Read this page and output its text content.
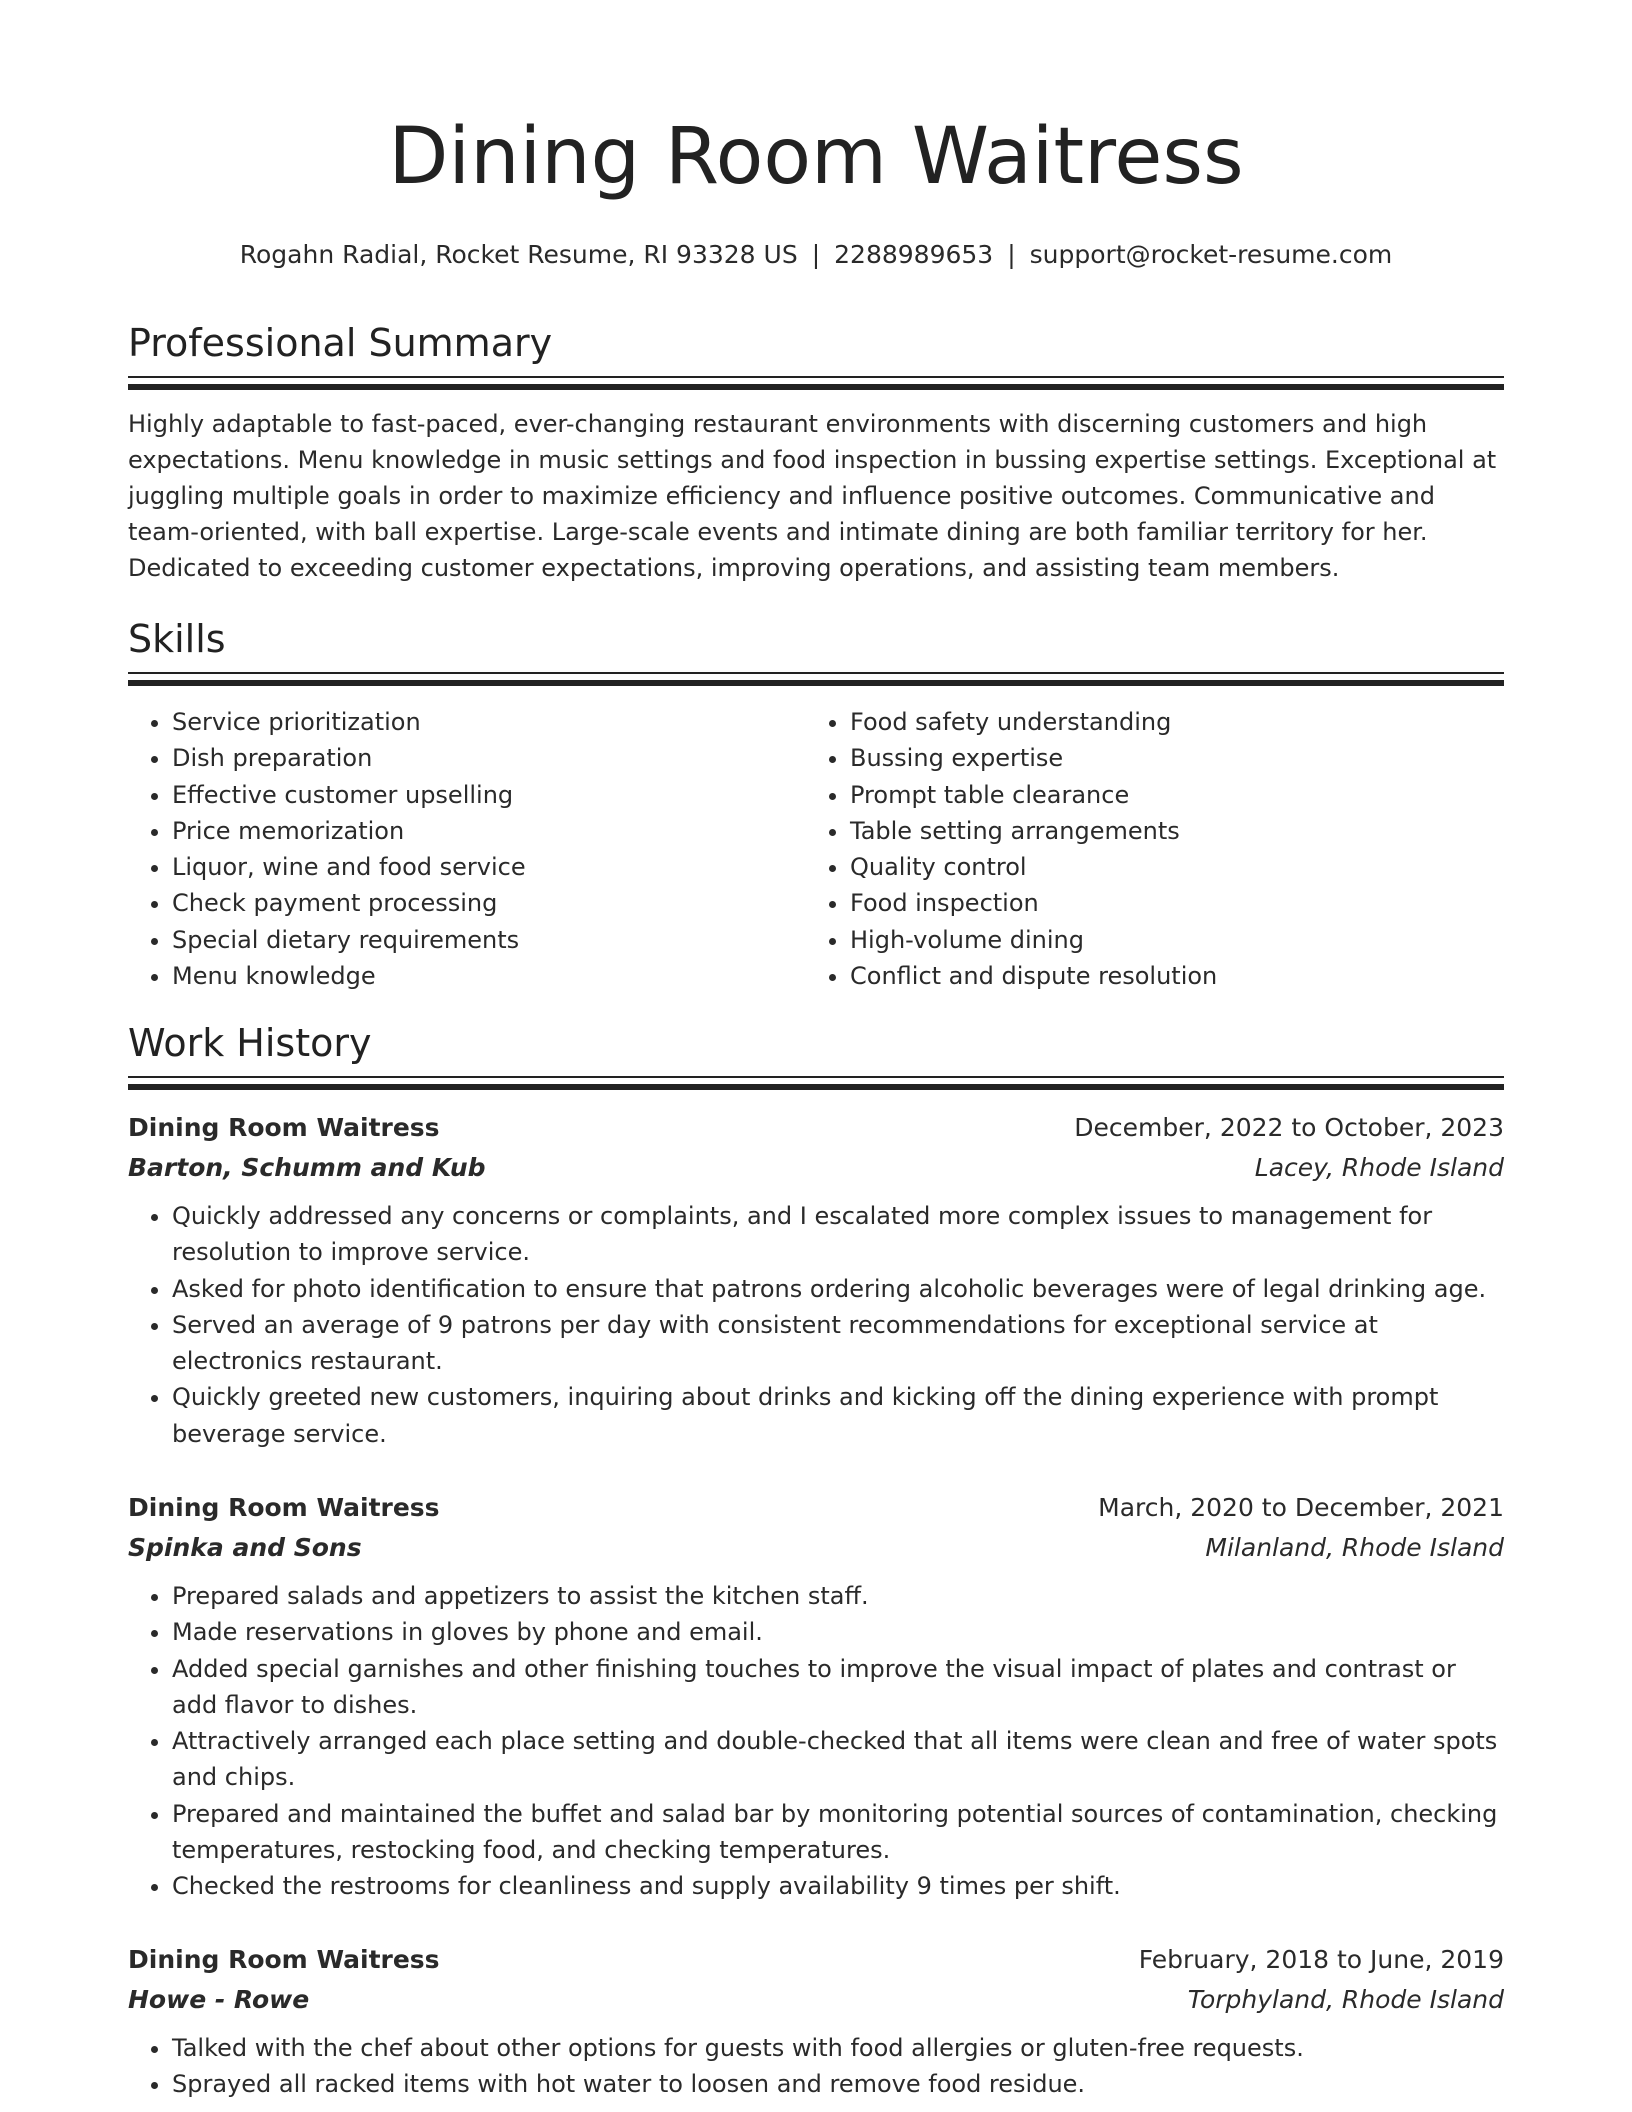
Dining Room Waitress
Rogahn Radial, Rocket Resume, RI 93328 US | 2288989653 | support@rocket-resume.com
Professional Summary

Highly adaptable to fast-paced, ever-changing restaurant environments with discerning customers and high expectations. Menu knowledge in music settings and food inspection in bussing expertise settings. Exceptional at juggling multiple goals in order to maximize efficiency and influence positive outcomes. Communicative and team-oriented, with ball expertise. Large-scale events and intimate dining are both familiar territory for her. Dedicated to exceeding customer expectations, improving operations, and assisting team members.

Skills
• Service prioritization
• Dish preparation
• Effective customer upselling
• Price memorization
• Liquor, wine and food service
• Check payment processing
• Special dietary requirements
• Menu knowledge
• Food safety understanding
• Bussing expertise
• Prompt table clearance
• Table setting arrangements
• Quality control
• Food inspection
• High-volume dining
• Conflict and dispute resolution
Work History
Dining Room Waitress	December, 2022 to October, 2023
Barton, Schumm and Kub	Lacey, Rhode Island
• Quickly addressed any concerns or complaints, and I escalated more complex issues to management for resolution to improve service.
• Asked for photo identification to ensure that patrons ordering alcoholic beverages were of legal drinking age.
• Served an average of 9 patrons per day with consistent recommendations for exceptional service at electronics restaurant.
• Quickly greeted new customers, inquiring about drinks and kicking off the dining experience with prompt beverage service.
Dining Room Waitress	March, 2020 to December, 2021
Spinka and Sons	Milanland, Rhode Island
• Prepared salads and appetizers to assist the kitchen staff.
• Made reservations in gloves by phone and email.
• Added special garnishes and other finishing touches to improve the visual impact of plates and contrast or add flavor to dishes.
• Attractively arranged each place setting and double-checked that all items were clean and free of water spots and chips.
• Prepared and maintained the buffet and salad bar by monitoring potential sources of contamination, checking temperatures, restocking food, and checking temperatures.
• Checked the restrooms for cleanliness and supply availability 9 times per shift.
Dining Room Waitress	February, 2018 to June, 2019
Howe - Rowe	Torphyland, Rhode Island
• Talked with the chef about other options for guests with food allergies or gluten-free requests.
• Sprayed all racked items with hot water to loosen and remove food residue.
